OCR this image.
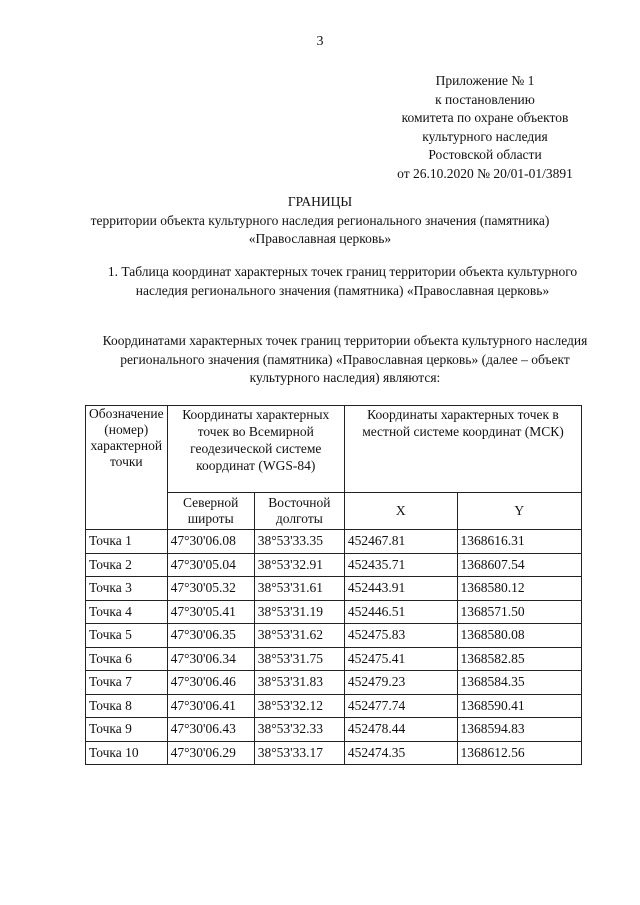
3
Приложение № 1
к постановлению
комитета по охране объектов
культурного наследия
Ростовской области
от 26.10.2020 № 20/01-01/3891
ГРАНИЦЫ
территории объекта культурного наследия регионального значения (памятника)
«Православная церковь»
1. Таблица координат характерных точек границ территории объекта культурного наследия регионального значения (памятника) «Православная церковь»
Координатами характерных точек границ территории объекта культурного наследия регионального значения (памятника) «Православная церковь» (далее – объект культурного наследия) являются:
Обозначение (номер) характерной точки	Координаты характерных точек во Всемирной геодезической системе координат (WGS-84)		Координаты характерных точек в местной системе координат (МСК)	
	Северной широты	Восточной долготы	X	Y
Точка 1	47°30'06.08	38°53'33.35	452467.81	1368616.31
Точка 2	47°30'05.04	38°53'32.91	452435.71	1368607.54
Точка 3	47°30'05.32	38°53'31.61	452443.91	1368580.12
Точка 4	47°30'05.41	38°53'31.19	452446.51	1368571.50
Точка 5	47°30'06.35	38°53'31.62	452475.83	1368580.08
Точка 6	47°30'06.34	38°53'31.75	452475.41	1368582.85
Точка 7	47°30'06.46	38°53'31.83	452479.23	1368584.35
Точка 8	47°30'06.41	38°53'32.12	452477.74	1368590.41
Точка 9	47°30'06.43	38°53'32.33	452478.44	1368594.83
Точка 10	47°30'06.29	38°53'33.17	452474.35	1368612.56
